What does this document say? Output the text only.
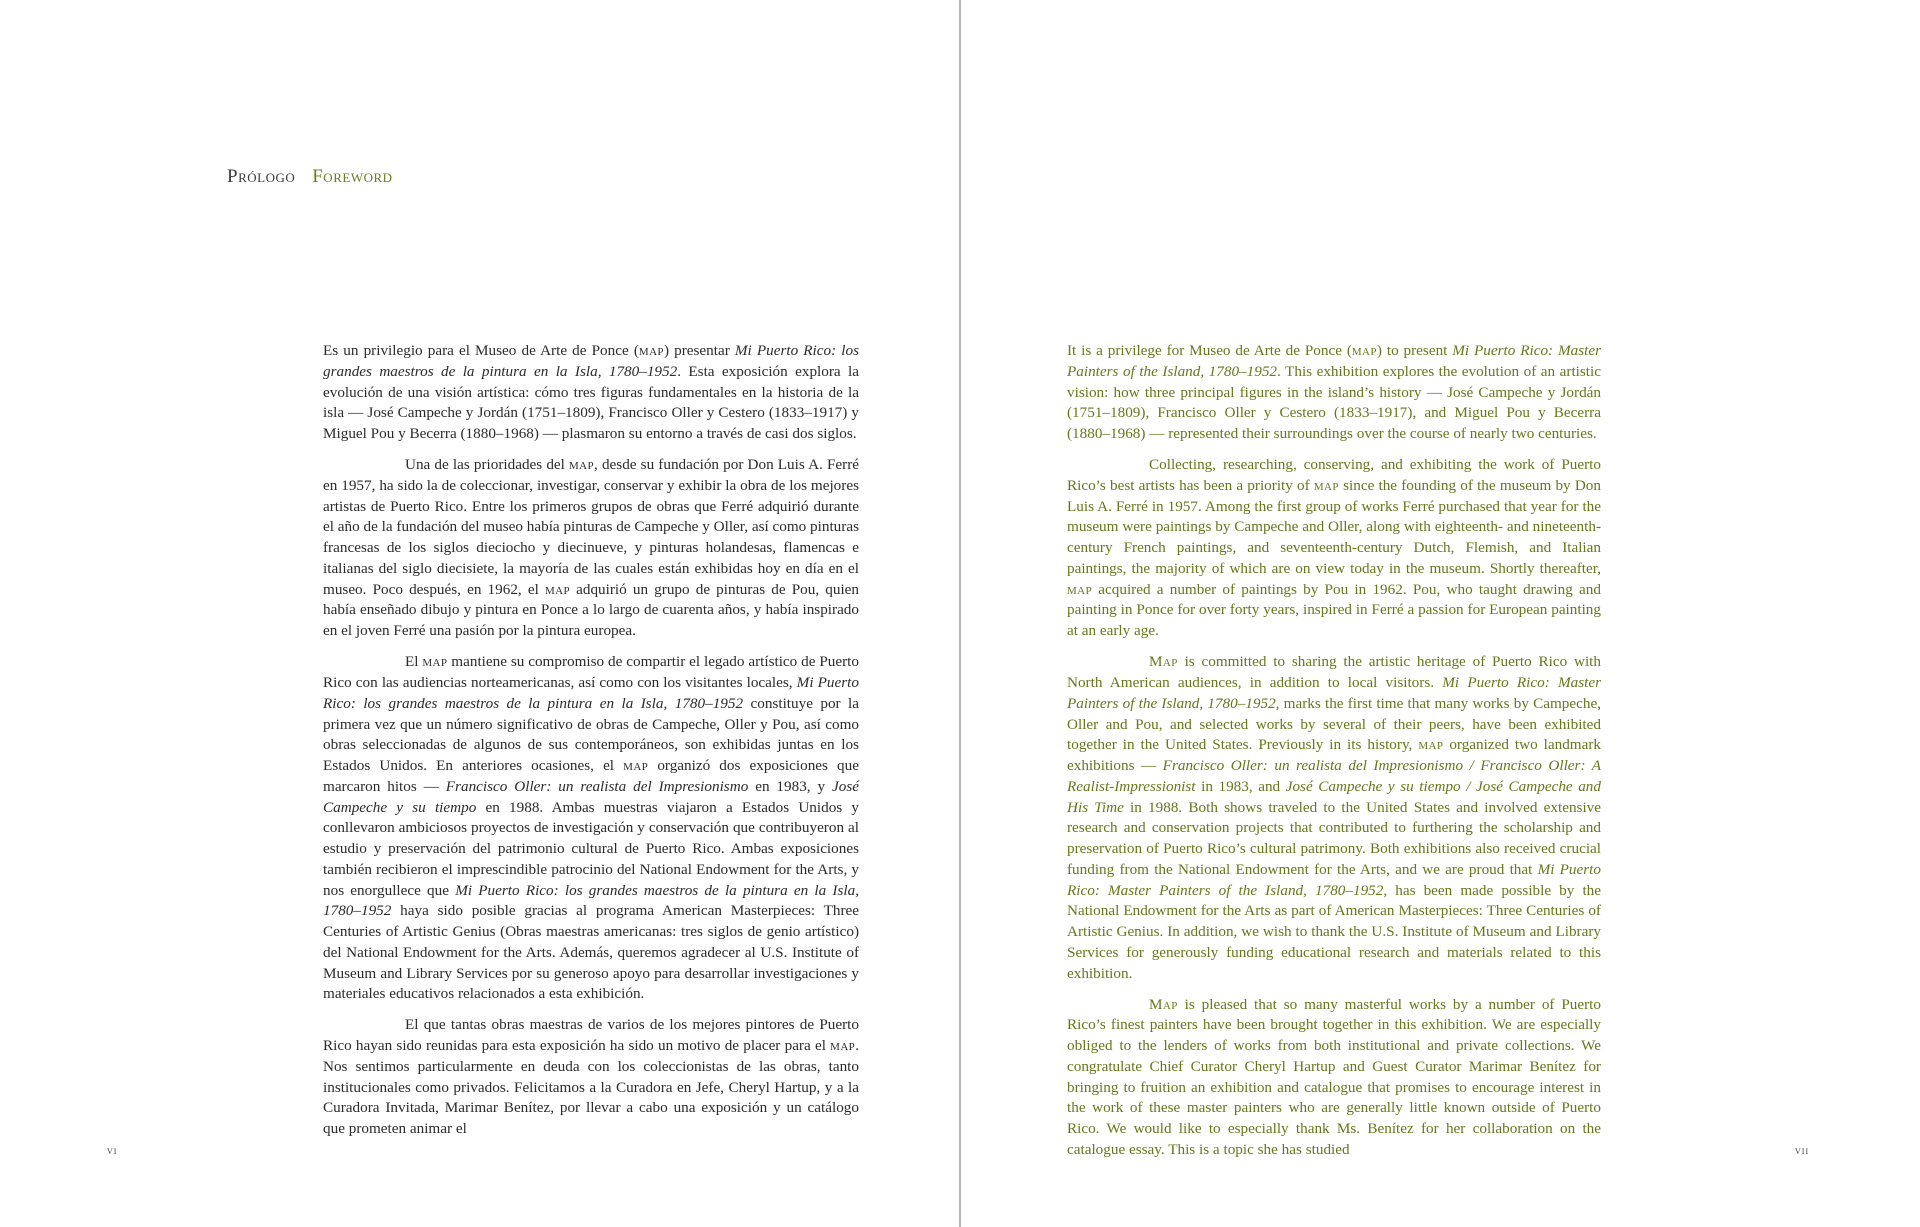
Prólogo Foreword

Es un privilegio para el Museo de Arte de Ponce (map) presentar Mi Puerto Rico: los grandes maestros de la pintura en la Isla, 1780–1952. Esta exposición explora la evolución de una visión artística: cómo tres figuras fundamentales en la historia de la isla — José Campeche y Jordán (1751–1809), Francisco Oller y Cestero (1833–1917) y Miguel Pou y Becerra (1880–1968) — plasmaron su entorno a través de casi dos siglos.

Una de las prioridades del map, desde su fundación por Don Luis A. Ferré en 1957, ha sido la de coleccionar, investigar, conservar y exhibir la obra de los mejores artistas de Puerto Rico. Entre los primeros grupos de obras que Ferré adquirió durante el año de la fundación del museo había pinturas de Campeche y Oller, así como pinturas francesas de los siglos dieciocho y diecinueve, y pinturas holandesas, flamencas e italianas del siglo diecisiete, la mayoría de las cuales están exhibidas hoy en día en el museo. Poco después, en 1962, el map adquirió un grupo de pinturas de Pou, quien había enseñado dibujo y pintura en Ponce a lo largo de cuarenta años, y había inspirado en el joven Ferré una pasión por la pintura europea.

El map mantiene su compromiso de compartir el legado artístico de Puerto Rico con las audiencias norteamericanas, así como con los visitantes locales, Mi Puerto Rico: los grandes maestros de la pintura en la Isla, 1780–1952 constituye por la primera vez que un número significativo de obras de Campeche, Oller y Pou, así como obras seleccionadas de algunos de sus contemporáneos, son exhibidas juntas en los Estados Unidos. En anteriores ocasiones, el map organizó dos exposiciones que marcaron hitos — Francisco Oller: un realista del Impresionismo en 1983, y José Campeche y su tiempo en 1988. Ambas muestras viajaron a Estados Unidos y conllevaron ambiciosos proyectos de investigación y conservación que contribuyeron al estudio y preservación del patrimonio cultural de Puerto Rico. Ambas exposiciones también recibieron el imprescindible patrocinio del National Endowment for the Arts, y nos enorgullece que Mi Puerto Rico: los grandes maestros de la pintura en la Isla, 1780–1952 haya sido posible gracias al programa American Masterpieces: Three Centuries of Artistic Genius (Obras maestras americanas: tres siglos de genio artístico) del National Endowment for the Arts. Además, queremos agradecer al U.S. Institute of Museum and Library Services por su generoso apoyo para desarrollar investigaciones y materiales educativos relacionados a esta exhibición.

El que tantas obras maestras de varios de los mejores pintores de Puerto Rico hayan sido reunidas para esta exposición ha sido un motivo de placer para el map. Nos sentimos particularmente en deuda con los coleccionistas de las obras, tanto institucionales como privados. Felicitamos a la Curadora en Jefe, Cheryl Hartup, y a la Curadora Invitada, Marimar Benítez, por llevar a cabo una exposición y un catálogo que prometen animar el

It is a privilege for Museo de Arte de Ponce (map) to present Mi Puerto Rico: Master Painters of the Island, 1780–1952. This exhibition explores the evolution of an artistic vision: how three principal figures in the island’s history — José Campeche y Jordán (1751–1809), Francisco Oller y Cestero (1833–1917), and Miguel Pou y Becerra (1880–1968) — represented their surroundings over the course of nearly two centuries.

Collecting, researching, conserving, and exhibiting the work of Puerto Rico’s best artists has been a priority of map since the founding of the museum by Don Luis A. Ferré in 1957. Among the first group of works Ferré purchased that year for the museum were paintings by Campeche and Oller, along with eighteenth- and nineteenth-century French paintings, and seventeenth-century Dutch, Flemish, and Italian paintings, the majority of which are on view today in the museum. Shortly thereafter, map acquired a number of paintings by Pou in 1962. Pou, who taught drawing and painting in Ponce for over forty years, inspired in Ferré a passion for European painting at an early age.

Map is committed to sharing the artistic heritage of Puerto Rico with North American audiences, in addition to local visitors. Mi Puerto Rico: Master Painters of the Island, 1780–1952, marks the first time that many works by Campeche, Oller and Pou, and selected works by several of their peers, have been exhibited together in the United States. Previously in its history, map organized two landmark exhibitions — Francisco Oller: un realista del Impresionismo / Francisco Oller: A Realist-Impressionist in 1983, and José Campeche y su tiempo / José Campeche and His Time in 1988. Both shows traveled to the United States and involved extensive research and conservation projects that contributed to furthering the scholarship and preservation of Puerto Rico’s cultural patrimony. Both exhibitions also received crucial funding from the National Endowment for the Arts, and we are proud that Mi Puerto Rico: Master Painters of the Island, 1780–1952, has been made possible by the National Endowment for the Arts as part of American Masterpieces: Three Centuries of Artistic Genius. In addition, we wish to thank the U.S. Institute of Museum and Library Services for generously funding educational research and materials related to this exhibition.

Map is pleased that so many masterful works by a number of Puerto Rico’s finest painters have been brought together in this exhibition. We are especially obliged to the lenders of works from both institutional and private collections. We congratulate Chief Curator Cheryl Hartup and Guest Curator Marimar Benítez for bringing to fruition an exhibition and catalogue that promises to encourage interest in the work of these master painters who are generally little known outside of Puerto Rico. We would like to especially thank Ms. Benítez for her collaboration on the catalogue essay. This is a topic she has studied

vi	vii
